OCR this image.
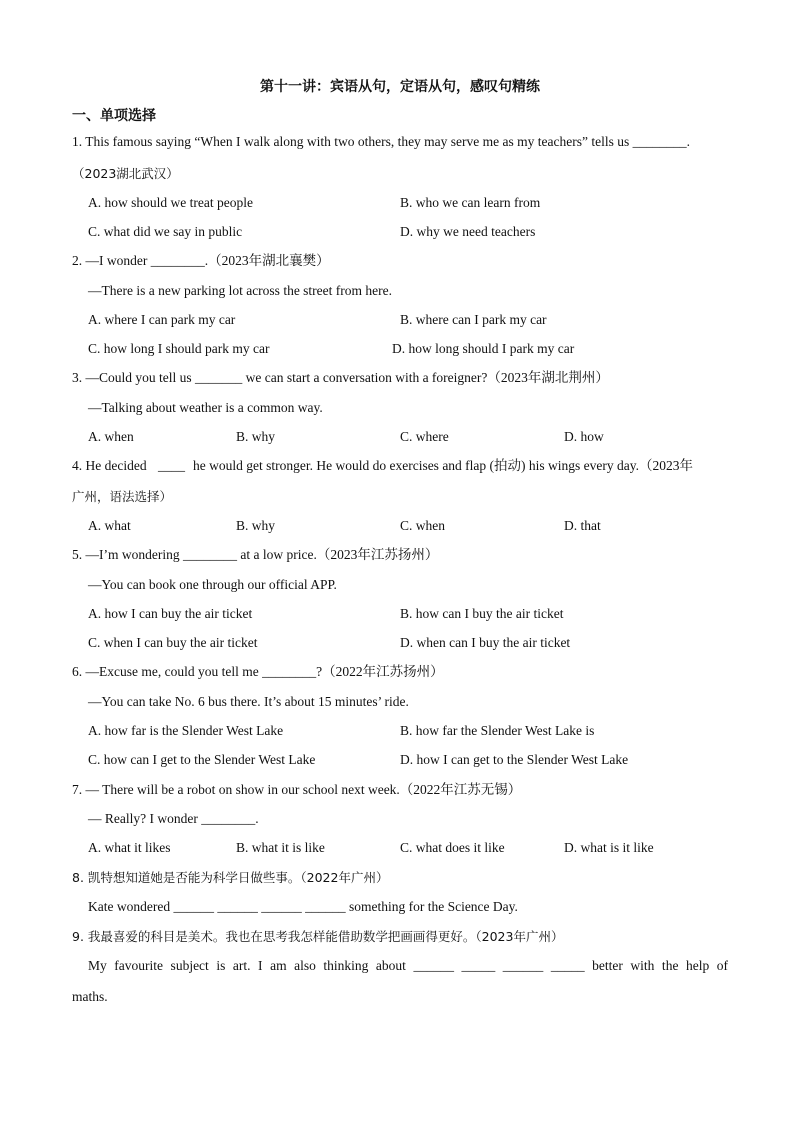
第十一讲：宾语从句，定语从句，感叹句精练
一、单项选择
1. This famous saying “When I walk along with two others, they may serve me as my teachers” tells us ________.
（2023湖北武汉）
A. how should we treat people	B. who we can learn from
C. what did we say in public	D. why we need teachers
2. —I wonder ________.（2023年湖北襄樊）
—There is a new parking lot across the street from here.
A. where I can park my car	B. where can I park my car
C. how long I should park my car	D. how long should I park my car
3. —Could you tell us _______ we can start a conversation with a foreigner?（2023年湖北荆州）
—Talking about weather is a common way.
A. when	B. why	C. where	D. how
4. He decided ____ he would get stronger. He would do exercises and flap (拍动) his wings every day.（2023年
广州，语法选择）
A. what	B. why	C. when	D. that
5. —I’m wondering ________ at a low price.（2023年江苏扬州）
—You can book one through our official APP.
A. how I can buy the air ticket	B. how can I buy the air ticket
C. when I can buy the air ticket	D. when can I buy the air ticket
6. —Excuse me, could you tell me ________?（2022年江苏扬州）
—You can take No. 6 bus there. It’s about 15 minutes’ ride.
A. how far is the Slender West Lake	B. how far the Slender West Lake is
C. how can I get to the Slender West Lake	D. how I can get to the Slender West Lake
7. — There will be a robot on show in our school next week.（2022年江苏无锡）
— Really? I wonder ________.
A. what it likes	B. what it is like	C. what does it like	D. what is it like
8. 凯特想知道她是否能为科学日做些事。（2022年广州）
Kate wondered ______ ______ ______ ______ something for the Science Day.
9. 我最喜爱的科目是美术。我也在思考我怎样能借助数学把画画得更好。（2023年广州）
My favourite subject is art. I am also thinking about ______ _____ ______ _____ better with the help of
maths.
